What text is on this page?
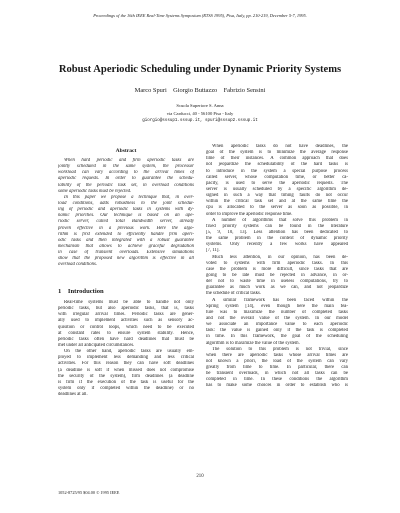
Proceedings of the 16th IEEE Real-Time Systems Symposium (RTSS 1995), Pisa, Italy, pp. 210-219, December 5-7, 1995.
Robust Aperiodic Scheduling under Dynamic Priority Systems
Marco Spuri    Giorgio Buttazzo    Fabrizio Sensini
Scuola Superiore S. Anna
via Carducci, 40 - 56100 Pisa - Italy
giorgio@sssup1.sssup.it, spuri@sssup2.sssup.it
Abstract
When hard periodic and firm aperiodic tasks are
jointly scheduled in the same system, the processor
workload can vary according to the arrival times of
aperiodic requests. In order to guarantee the schedu-
lability of the periodic task set, in overload conditions
some aperiodic tasks must be rejected.
In this paper we propose a technique that, in over-
load conditions, adds robustness to the joint schedul-
ing of periodic and aperiodic tasks in systems with dy-
namic priorities. Our technique is based on an ape-
riodic server, called Total Bandwidth server, already
proven effective in a previous work. Here the algo-
rithm is first extended to efficiently handle firm aperi-
odic tasks and then integrated with a robust guarantee
mechanism that allows to achieve graceful degradation
in case of transient overloads. Extensive simulations
show that the proposed new algorithm is effective in all
overload conditions.
1    Introduction
Real-time systems must be able to handle not only
periodic tasks, but also aperiodic tasks, that is, tasks
with irregular arrival times. Periodic tasks are gener-
ally used to implement activities such as sensory ac-
quisition or control loops, which need to be executed
at constant rates to ensure system stability. Hence,
periodic tasks often have hard deadlines that must be
met under all anticipated circumstances.
On the other hand, aperiodic tasks are usually em-
ployed to implement less demanding and less critical
activities. For this reason they can have soft deadlines
(a deadline is soft if when missed does not compromise
the security of the system), firm deadlines (a deadline
is firm if the execution of the task is useful for the
system only if completed within the deadline) or no
deadlines at all.
When aperiodic tasks do not have deadlines, the
goal of the system is to minimize the average response
time of their instances. A common approach that does
not jeopardize the schedulability of the hard tasks is
to introduce in the system a special purpose process
called server, whose computation time, or better ca-
pacity, is used to serve the aperiodic requests. The
server is usually scheduled by a specific algorithm de-
signed in such a way that timing faults do not occur
within the critical task set and at the same time the
cpu is allocated to the server as soon as possible, in
order to improve the aperiodic response time.
A number of algorithms that solve this problem in
fixed priority systems can be found in the literature
[5, 9, 10, 13]. Less attention has been dedicated to
the same problem in the context of dynamic priority
systems. Only recently a few works have appeared
[7, 11].
Much less attention, in our opinion, has been de-
voted to systems with firm aperiodic tasks. In this
case the problem is more difficult, since tasks that are
going to be late must be rejected in advance, in or-
der not to waste time in useless computations, try to
guarantee as much work as we can, and not jeopardize
the schedule of critical tasks.
A similar framework has been faced within the
Spring system [14], even though here the main fea-
ture was to maximize the number of completed tasks
and not the overall value of the system. In our model
we associate an importance value to each aperiodic
task: the value is gained only if the task is completed
in time. In this framework, the goal of the scheduling
algorithm is to maximize the value of the system.
The solution to this problem is not trivial, since
when there are aperiodic tasks whose arrival times are
not known a priori, the load of the system can vary
greatly from time to time. In particular, there can
be transient overloads, in which not all tasks can be
completed in time. In these conditions the algorithm
has to make some choices in order to establish who is
210
1052-8725/95 $04.00 © 1995 IEEE
